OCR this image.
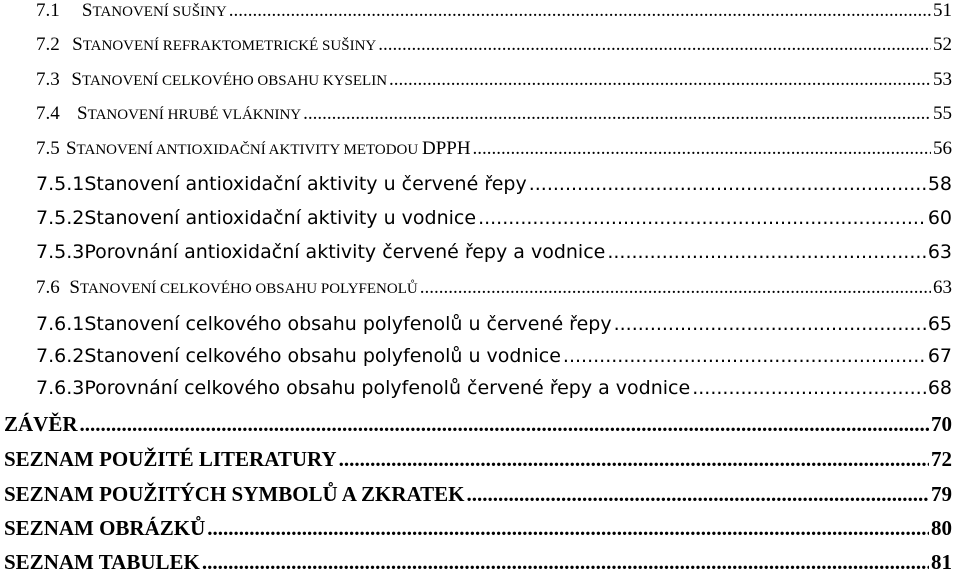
7.1	STANOVENÍ SUŠINY .....	51
7.2 STANOVENÍ REFRAKTOMETRICKÉ SUŠINY .....	52
7.3 STANOVENÍ CELKOVÉHO OBSAHU KYSELIN .....	53
7.4 STANOVENÍ HRUBÉ VLÁKNINY .....	55
7.5 STANOVENÍ ANTIOXIDAČNÍ AKTIVITY METODOU DPPH .....	56
7.5.1 Stanovení antioxidační aktivity u červené řepy .....	58
7.5.2 Stanovení antioxidační aktivity u vodnice .....	60
7.5.3 Porovnání antioxidační aktivity červené řepy a vodnice .....	63
7.6 STANOVENÍ CELKOVÉHO OBSAHU POLYFENOLŮ .....	63
7.6.1 Stanovení celkového obsahu polyfenolů u červené řepy .....	65
7.6.2 Stanovení celkového obsahu polyfenolů u vodnice .....	67
7.6.3 Porovnání celkového obsahu polyfenolů červené řepy a vodnice .....	68
ZÁVĚR .....	70
SEZNAM POUŽITÉ LITERATURY .....	72
SEZNAM POUŽITÝCH SYMBOLŮ A ZKRATEK .....	79
SEZNAM OBRÁZKŮ .....	80
SEZNAM TABULEK .....	81
